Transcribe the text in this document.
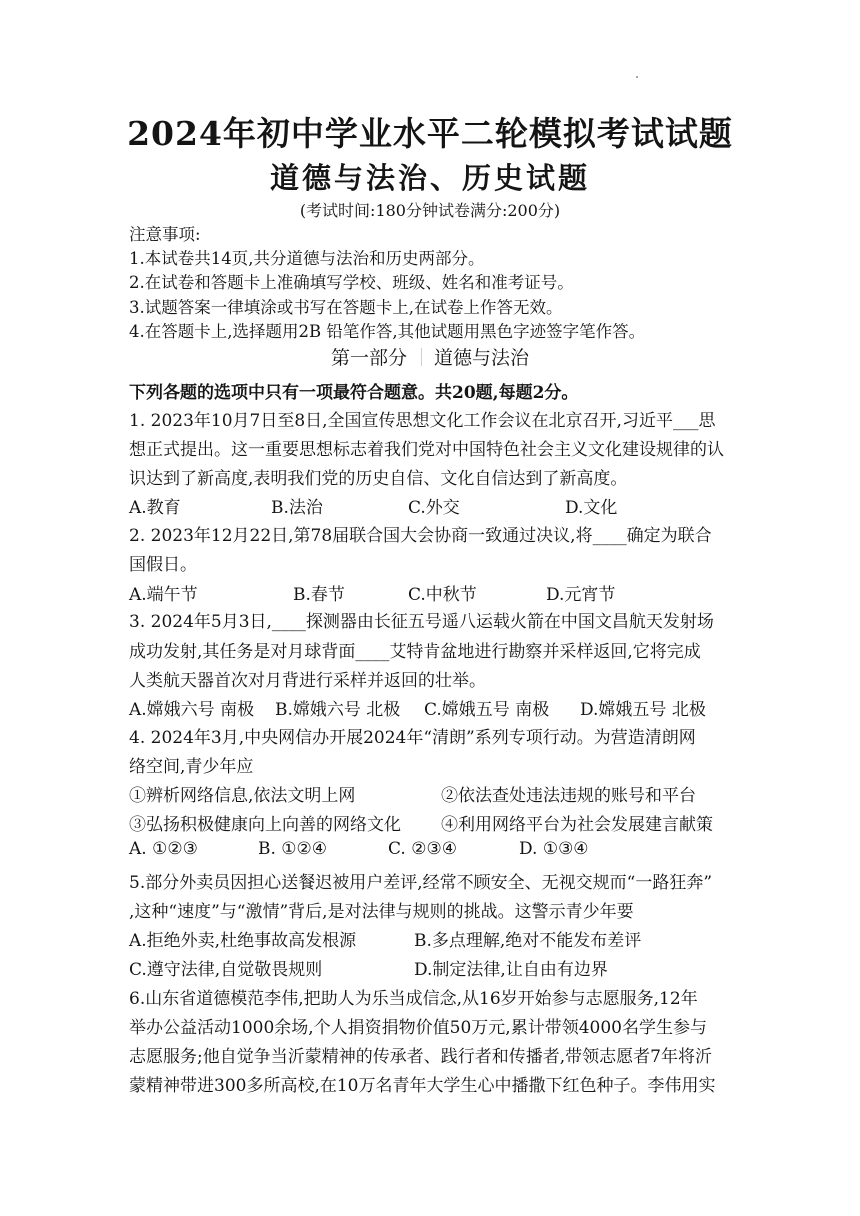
2024年初中学业水平二轮模拟考试试题
道德与法治、历史试题
(考试时间:180分钟试卷满分:200分)
注意事项:
1.本试卷共14页,共分道德与法治和历史两部分。
2.在试卷和答题卡上准确填写学校、班级、姓名和准考证号。
3.试题答案一律填涂或书写在答题卡上,在试卷上作答无效。
4.在答题卡上,选择题用2B 铅笔作答,其他试题用黑色字迹签字笔作答。
第一部分 道德与法治
下列各题的选项中只有一项最符合题意。共20题,每题2分。
1. 2023年10月7日至8日,全国宣传思想文化工作会议在北京召开,习近平___思
想正式提出。这一重要思想标志着我们党对中国特色社会主义文化建设规律的认
识达到了新高度,表明我们党的历史自信、文化自信达到了新高度。
A.教育	B.法治	C.外交	D.文化
2. 2023年12月22日,第78届联合国大会协商一致通过决议,将____确定为联合
国假日。
A.端午节	B.春节	C.中秋节	D.元宵节
3. 2024年5月3日,____探测器由长征五号遥八运载火箭在中国文昌航天发射场
成功发射,其任务是对月球背面____艾特肯盆地进行勘察并采样返回,它将完成
人类航天器首次对月背进行采样并返回的壮举。
A.嫦娥六号 南极 B.嫦娥六号 北极 C.嫦娥五号 南极 D.嫦娥五号 北极
4. 2024年3月,中央网信办开展2024年“清朗”系列专项行动。为营造清朗网
络空间,青少年应
①辨析网络信息,依法文明上网	②依法查处违法违规的账号和平台
③弘扬积极健康向上向善的网络文化 ④利用网络平台为社会发展建言献策
A. ①②③	B. ①②④	C. ②③④	D. ①③④
5.部分外卖员因担心送餐迟被用户差评,经常不顾安全、无视交规而“一路狂奔”
,这种“速度”与“激情”背后,是对法律与规则的挑战。这警示青少年要
A.拒绝外卖,杜绝事故高发根源	B.多点理解,绝对不能发布差评
C.遵守法律,自觉敬畏规则	D.制定法律,让自由有边界
6.山东省道德模范李伟,把助人为乐当成信念,从16岁开始参与志愿服务,12年
举办公益活动1000余场,个人捐资捐物价值50万元,累计带领4000名学生参与
志愿服务;他自觉争当沂蒙精神的传承者、践行者和传播者,带领志愿者7年将沂
蒙精神带进300多所高校,在10万名青年大学生心中播撒下红色种子。李伟用实
